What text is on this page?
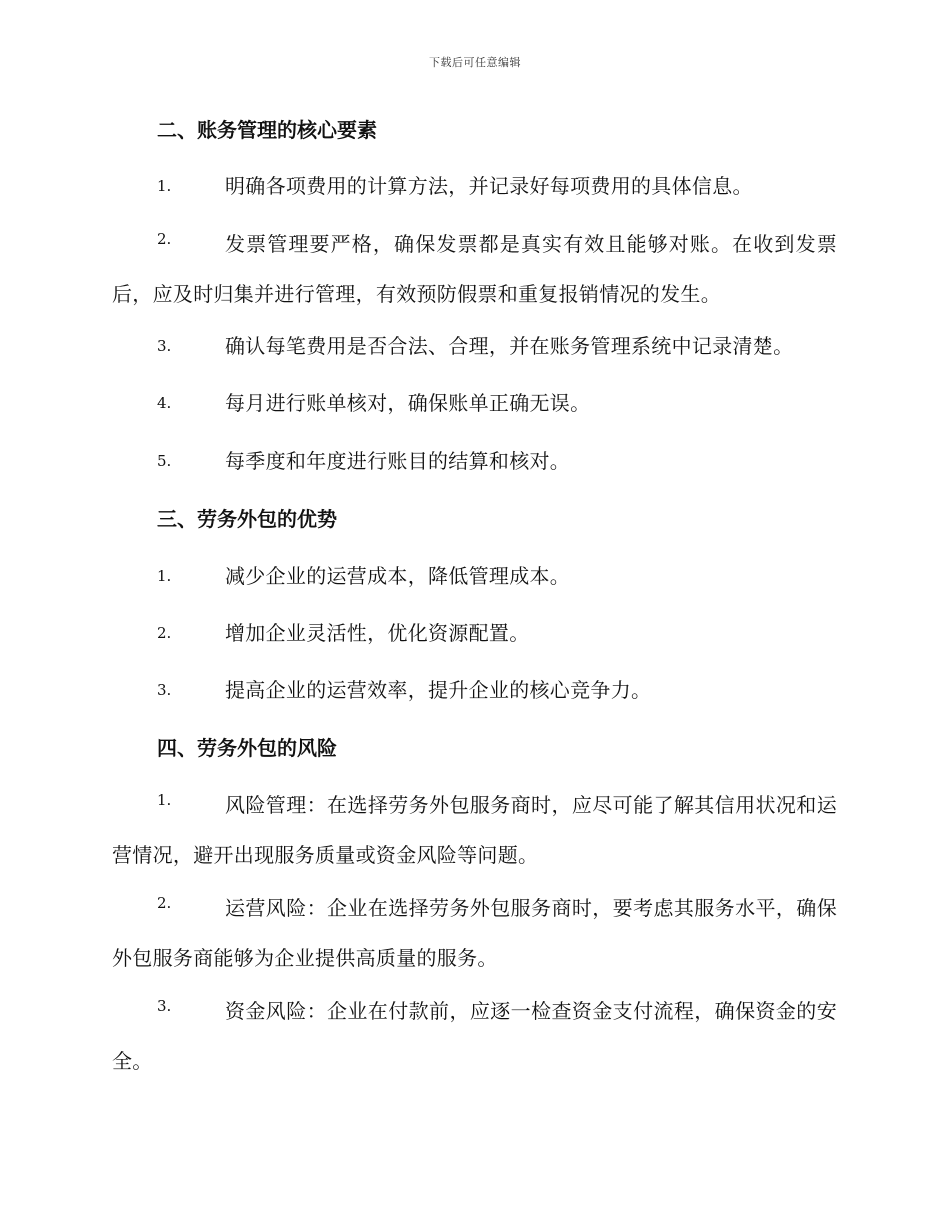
下载后可任意编辑
二、账务管理的核心要素
1.	明确各项费用的计算方法，并记录好每项费用的具体信息。
2.	发票管理要严格，确保发票都是真实有效且能够对账。在收到发票后，应及时归集并进行管理，有效预防假票和重复报销情况的发生。
3.	确认每笔费用是否合法、合理，并在账务管理系统中记录清楚。
4.	每月进行账单核对，确保账单正确无误。
5.	每季度和年度进行账目的结算和核对。
三、劳务外包的优势
1.	减少企业的运营成本，降低管理成本。
2.	增加企业灵活性，优化资源配置。
3.	提高企业的运营效率，提升企业的核心竞争力。
四、劳务外包的风险
1.	风险管理：在选择劳务外包服务商时，应尽可能了解其信用状况和运营情况，避开出现服务质量或资金风险等问题。
2.	运营风险：企业在选择劳务外包服务商时，要考虑其服务水平，确保外包服务商能够为企业提供高质量的服务。
3.	资金风险：企业在付款前，应逐一检查资金支付流程，确保资金的安全。
